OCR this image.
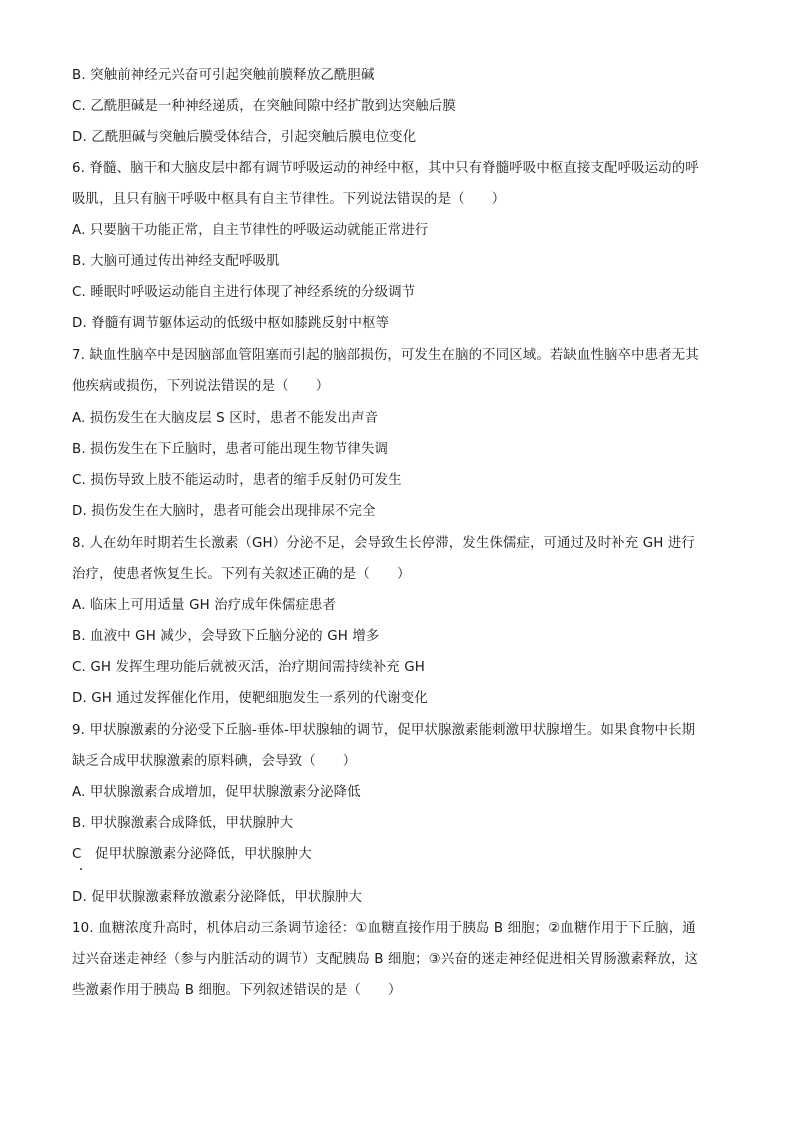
B. 突触前神经元兴奋可引起突触前膜释放乙酰胆碱
C. 乙酰胆碱是一种神经递质，在突触间隙中经扩散到达突触后膜
D. 乙酰胆碱与突触后膜受体结合，引起突触后膜电位变化
6. 脊髓、脑干和大脑皮层中都有调节呼吸运动的神经中枢，其中只有脊髓呼吸中枢直接支配呼吸运动的呼
吸肌，且只有脑干呼吸中枢具有自主节律性。下列说法错误的是（　　）
A. 只要脑干功能正常，自主节律性的呼吸运动就能正常进行
B. 大脑可通过传出神经支配呼吸肌
C. 睡眠时呼吸运动能自主进行体现了神经系统的分级调节
D. 脊髓有调节躯体运动的低级中枢如膝跳反射中枢等
7. 缺血性脑卒中是因脑部血管阻塞而引起的脑部损伤，可发生在脑的不同区域。若缺血性脑卒中患者无其
他疾病或损伤，下列说法错误的是（　　）
A. 损伤发生在大脑皮层 S 区时，患者不能发出声音
B. 损伤发生在下丘脑时，患者可能出现生物节律失调
C. 损伤导致上肢不能运动时，患者的缩手反射仍可发生
D. 损伤发生在大脑时，患者可能会出现排尿不完全
8. 人在幼年时期若生长激素（GH）分泌不足，会导致生长停滞，发生侏儒症，可通过及时补充 GH 进行
治疗，使患者恢复生长。下列有关叙述正确的是（　　）
A. 临床上可用适量 GH 治疗成年侏儒症患者
B. 血液中 GH 减少，会导致下丘脑分泌的 GH 增多
C. GH 发挥生理功能后就被灭活，治疗期间需持续补充 GH
D. GH 通过发挥催化作用，使靶细胞发生一系列的代谢变化
9. 甲状腺激素的分泌受下丘脑-垂体-甲状腺轴的调节，促甲状腺激素能刺激甲状腺增生。如果食物中长期
缺乏合成甲状腺激素的原料碘，会导致（　　）
A. 甲状腺激素合成增加，促甲状腺激素分泌降低
B. 甲状腺激素合成降低，甲状腺肿大
C　促甲状腺激素分泌降低，甲状腺肿大
D. 促甲状腺激素释放激素分泌降低，甲状腺肿大
10. 血糖浓度升高时，机体启动三条调节途径：①血糖直接作用于胰岛 B 细胞；②血糖作用于下丘脑，通
过兴奋迷走神经（参与内脏活动的调节）支配胰岛 B 细胞；③兴奋的迷走神经促进相关胃肠激素释放，这
些激素作用于胰岛 B 细胞。下列叙述错误的是（　　）
